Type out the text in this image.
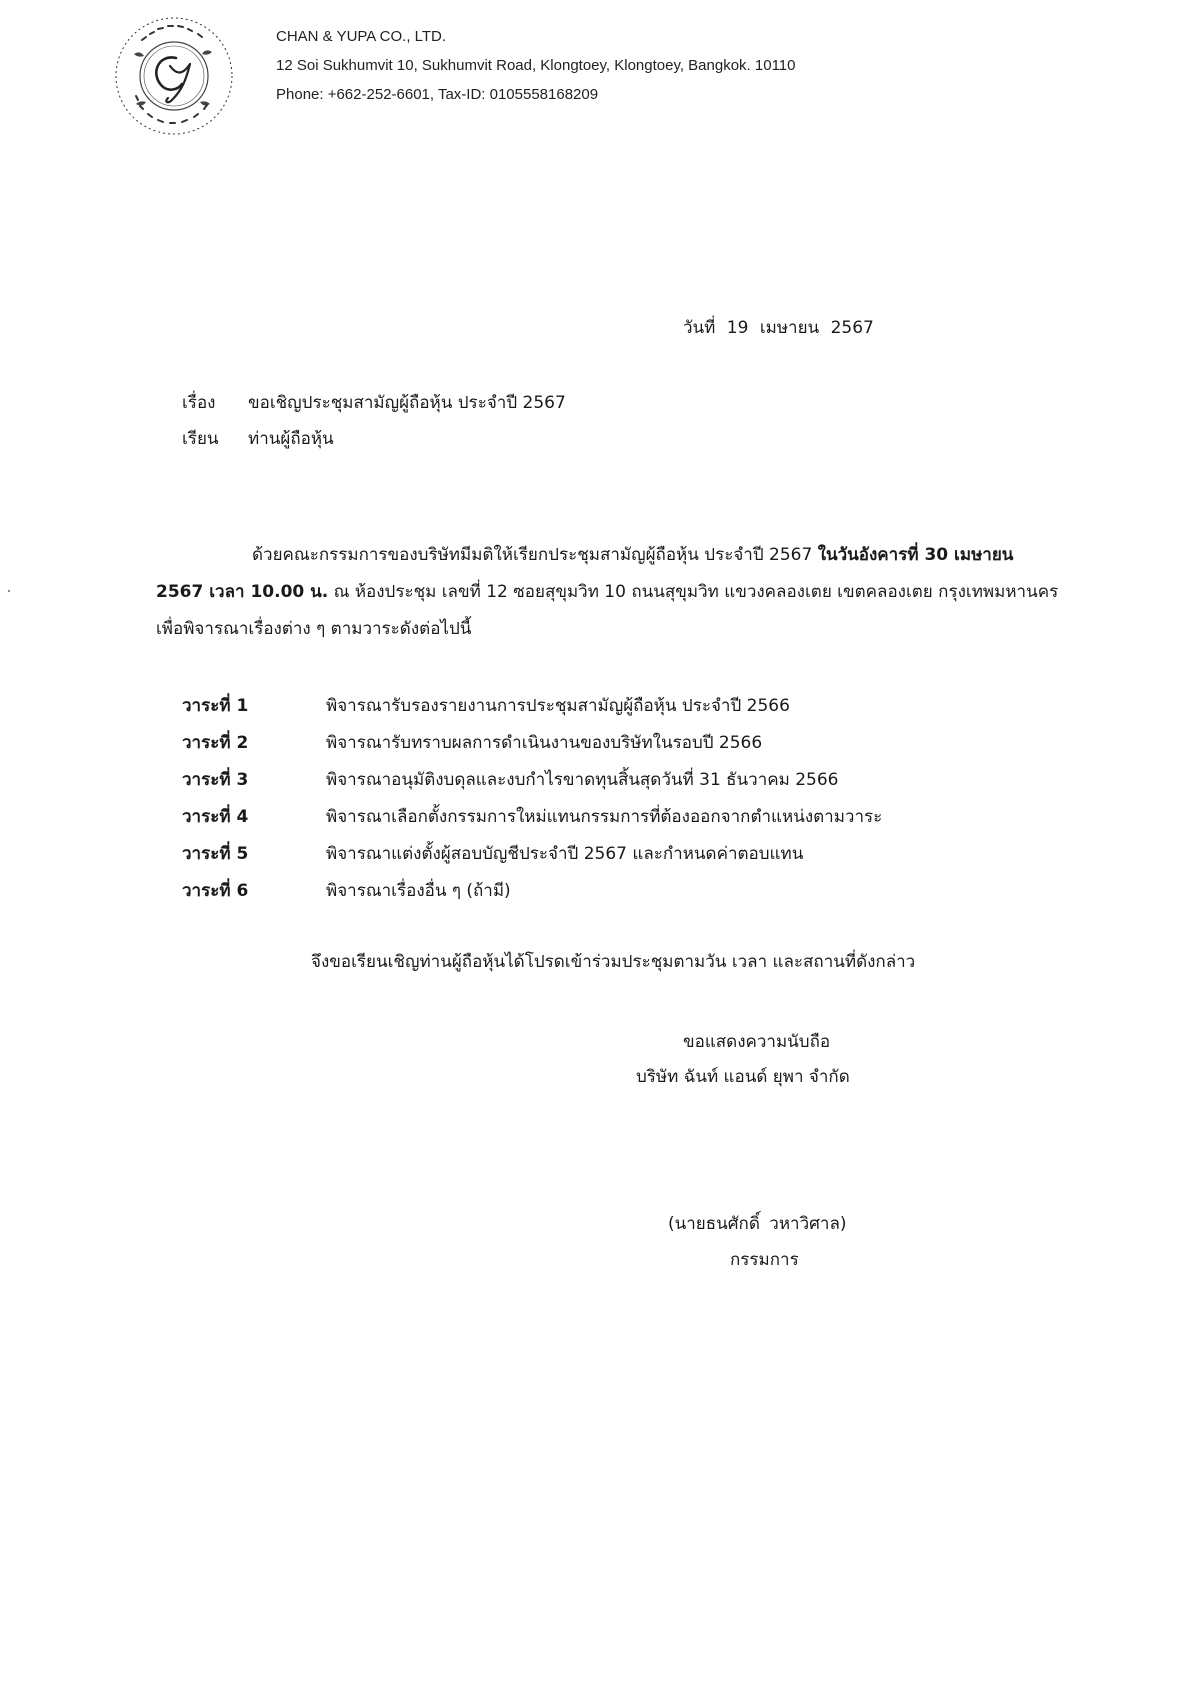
CHAN & YUPA CO., LTD.
12 Soi Sukhumvit 10, Sukhumvit Road, Klongtoey, Klongtoey, Bangkok. 10110
Phone: +662-252-6601, Tax-ID: 0105558168209
วันที่ 19 เมษายน 2567
เรื่อง ขอเชิญประชุมสามัญผู้ถือหุ้น ประจำปี 2567
เรียน ท่านผู้ถือหุ้น
ด้วยคณะกรรมการของบริษัทมีมติให้เรียกประชุมสามัญผู้ถือหุ้น ประจำปี 2567 ในวันอังคารที่ 30 เมษายน
2567 เวลา 10.00 น. ณ ห้องประชุม เลขที่ 12 ซอยสุขุมวิท 10 ถนนสุขุมวิท แขวงคลองเตย เขตคลองเตย กรุงเทพมหานคร
เพื่อพิจารณาเรื่องต่าง ๆ ตามวาระดังต่อไปนี้
วาระที่ 1	พิจารณารับรองรายงานการประชุมสามัญผู้ถือหุ้น ประจำปี 2566
วาระที่ 2	พิจารณารับทราบผลการดำเนินงานของบริษัทในรอบปี 2566
วาระที่ 3	พิจารณาอนุมัติงบดุลและงบกำไรขาดทุนสิ้นสุดวันที่ 31 ธันวาคม 2566
วาระที่ 4	พิจารณาเลือกตั้งกรรมการใหม่แทนกรรมการที่ต้องออกจากตำแหน่งตามวาระ
วาระที่ 5	พิจารณาแต่งตั้งผู้สอบบัญชีประจำปี 2567 และกำหนดค่าตอบแทน
วาระที่ 6	พิจารณาเรื่องอื่น ๆ (ถ้ามี)
จึงขอเรียนเชิญท่านผู้ถือหุ้นได้โปรดเข้าร่วมประชุมตามวัน เวลา และสถานที่ดังกล่าว
ขอแสดงความนับถือ
บริษัท ฉันท์ แอนด์ ยุพา จำกัด
(นายธนศักดิ์ วหาวิศาล)
กรรมการ
